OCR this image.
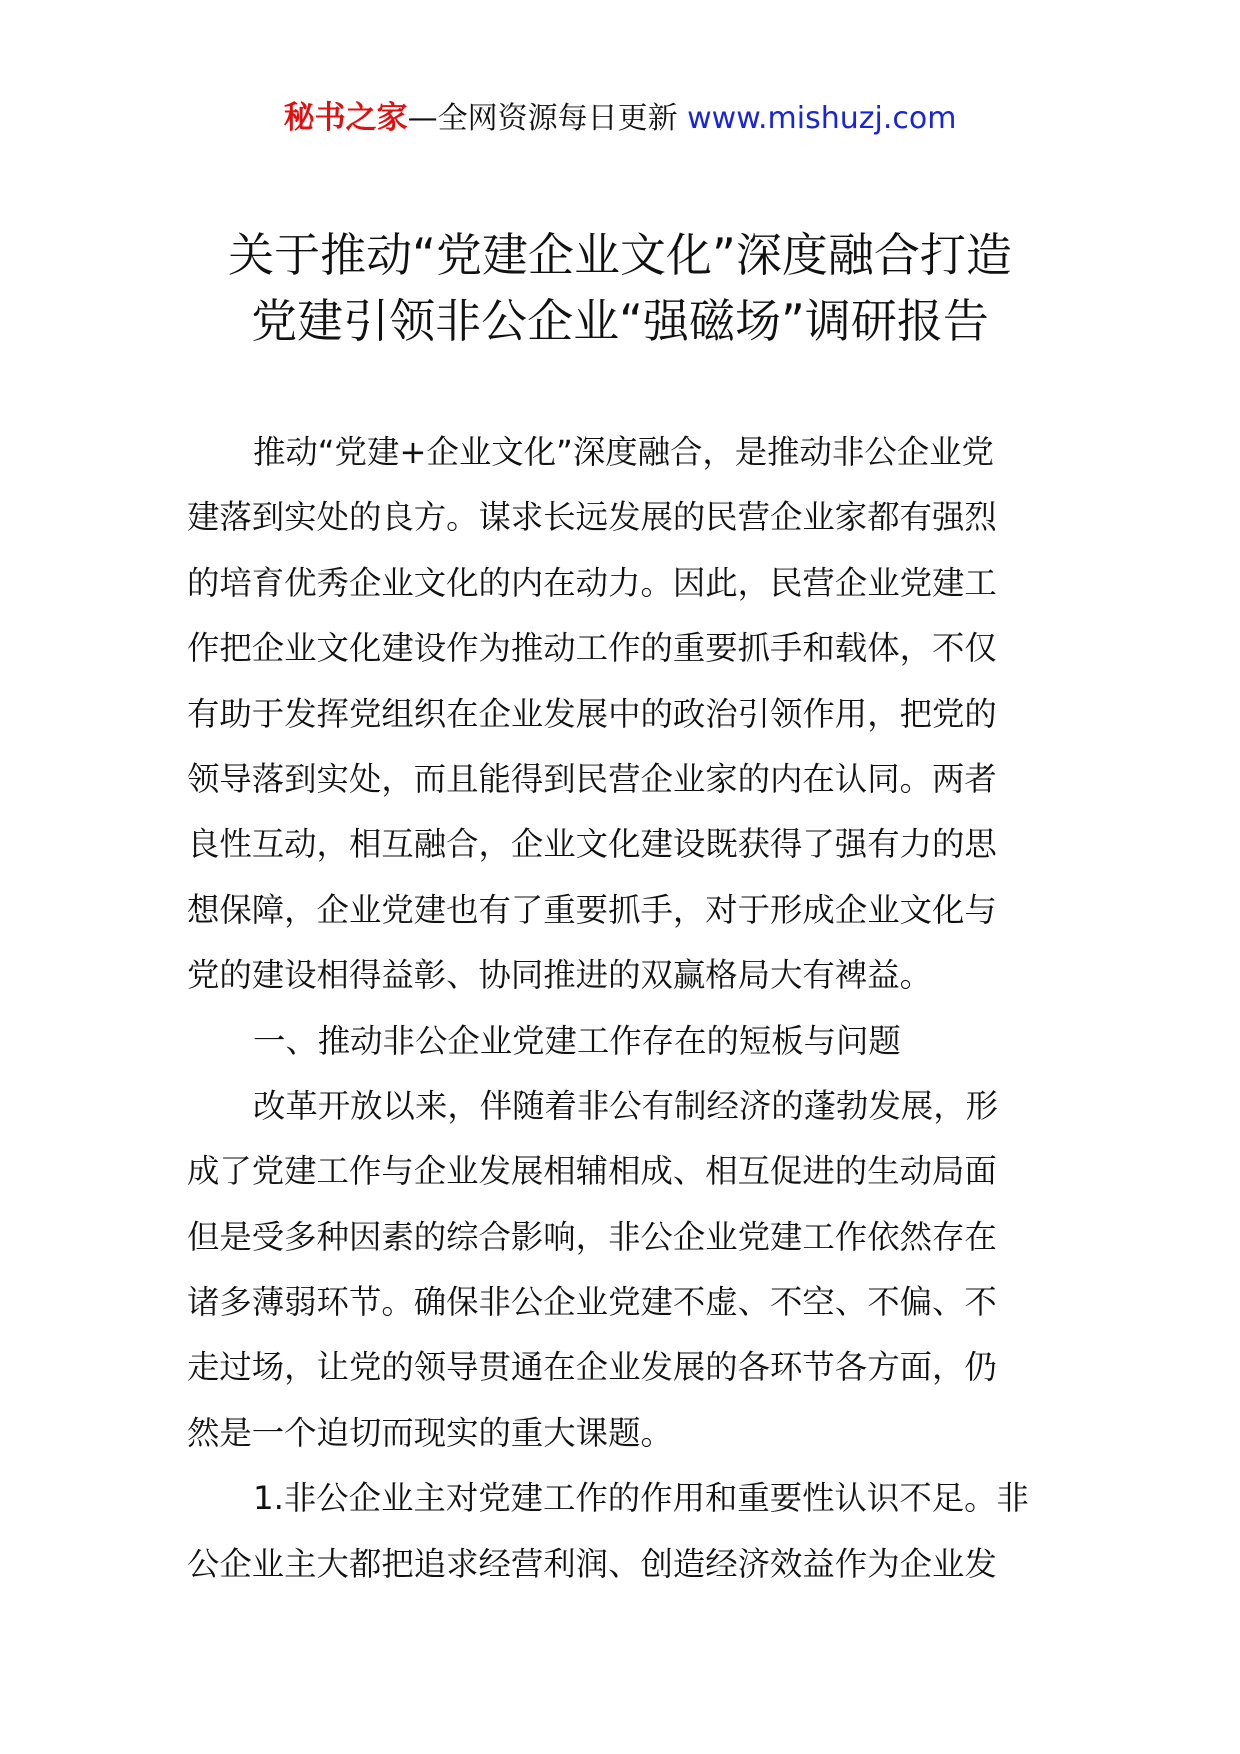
秘书之家—全网资源每日更新 www.mishuzj.com
关于推动“党建企业文化”深度融合打造
党建引领非公企业“强磁场”调研报告
推动“党建+企业文化”深度融合，是推动非公企业党
建落到实处的良方。谋求长远发展的民营企业家都有强烈
的培育优秀企业文化的内在动力。因此，民营企业党建工
作把企业文化建设作为推动工作的重要抓手和载体，不仅
有助于发挥党组织在企业发展中的政治引领作用，把党的
领导落到实处，而且能得到民营企业家的内在认同。两者
良性互动，相互融合，企业文化建设既获得了强有力的思
想保障，企业党建也有了重要抓手，对于形成企业文化与
党的建设相得益彰、协同推进的双赢格局大有裨益。
一、推动非公企业党建工作存在的短板与问题
改革开放以来，伴随着非公有制经济的蓬勃发展，形
成了党建工作与企业发展相辅相成、相互促进的生动局面
但是受多种因素的综合影响，非公企业党建工作依然存在
诸多薄弱环节。确保非公企业党建不虚、不空、不偏、不
走过场，让党的领导贯通在企业发展的各环节各方面，仍
然是一个迫切而现实的重大课题。
1.非公企业主对党建工作的作用和重要性认识不足。非
公企业主大都把追求经营利润、创造经济效益作为企业发
